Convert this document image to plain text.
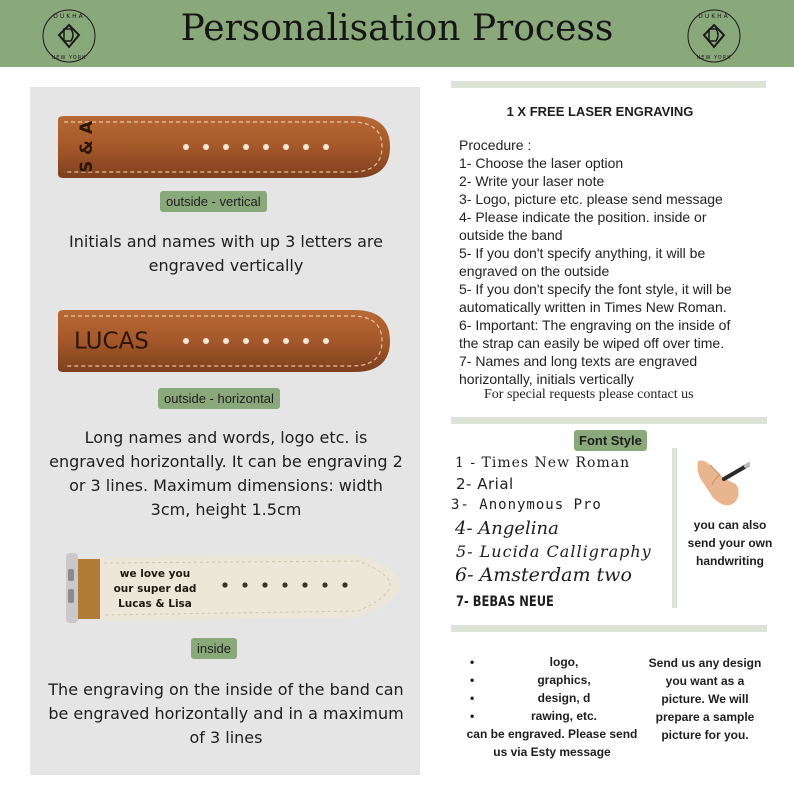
DUKHA
NEW YORK
Personalisation Process	DUKHA
NEW YORK
S & A
outside - vertical
Initials and names with up 3 letters are engraved vertically
LUCAS
outside - horizontal
Long names and words, logo etc. is engraved horizontally. It can be engraving 2 or 3 lines. Maximum dimensions: width 3cm, height 1.5cm
we love you
our super dad
Lucas & Lisa
inside
The engraving on the inside of the band can be engraved horizontally and in a maximum of 3 lines
1 X FREE LASER ENGRAVING
Procedure :
1- Choose the laser option
2- Write your laser note
3- Logo, picture etc. please send message
4- Please indicate the position. inside or
outside the band
5- If you don't specify anything, it will be
engraved on the outside
5- If you don't specify the font style, it will be
automatically written in Times New Roman.
6- Important: The engraving on the inside of
the strap can easily be wiped off over time.
7- Names and long texts are engraved
horizontally, initials vertically
For special requests please contact us
Font Style
1 - Times New Roman
2- Arial
3- Anonymous Pro
4- Angelina
5- Lucida Calligraphy
6- Amsterdam two
7- BEBAS NEUE
you can also send your own handwriting
•	logo,
•	graphics,
•	design, d
•	rawing, etc.
can be engraved. Please send us via Esty message
Send us any design you want as a picture. We will prepare a sample picture for you.
